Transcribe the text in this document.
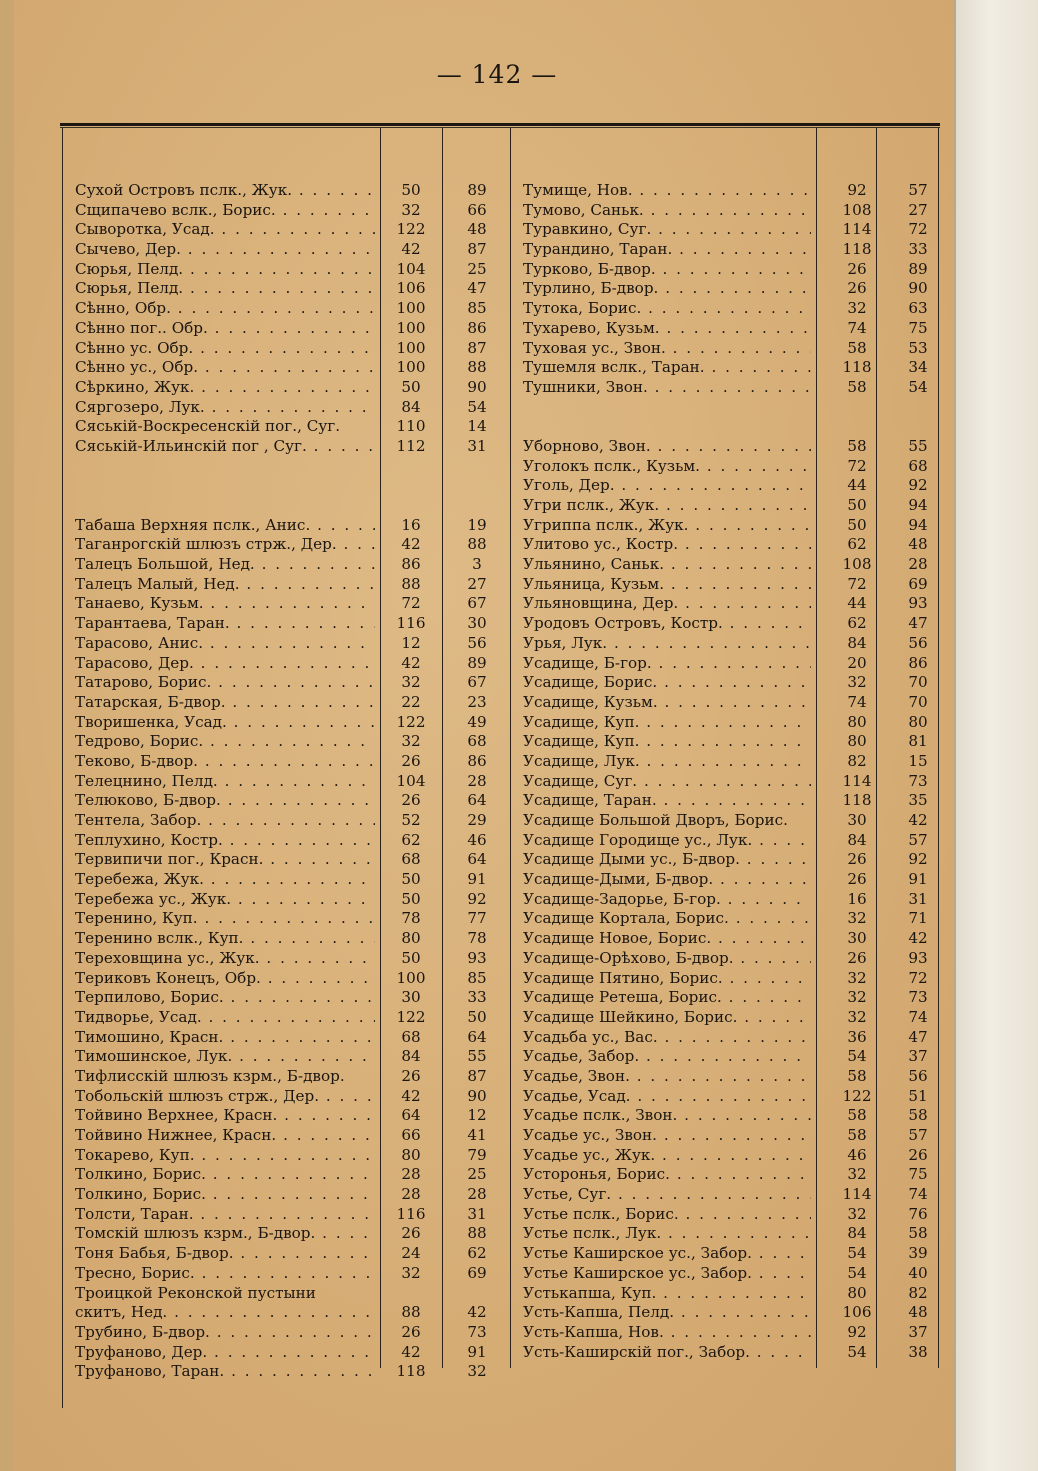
— 142 —
Сухой Островъ пслк., Жук. . . .	50	89
Сщипачево вслк., Борис. . . .	32	66
Сыворотка, Усад. . . .	122	48
Сычево, Дер. . . .	42	87
Сюрья, Пелд. . . .	104	25
Сюрья, Пелд. . . .	106	47
Сѣнно, Обр. . . .	100	85
Сѣнно пог.. Обр. . . .	100	86
Сѣнно ус. Обр. . . .	100	87
Сѣнно ус., Обр. . . .	100	88
Сѣркино, Жук. . . .	50	90
Сяргозеро, Лук. . . .	84	54
Сяській-Воскресенскій пог., Суг.	110	14
Сяській-Ильинскій пог , Суг. . . .	112	31
Табаша Верхняя пслк., Анис. . . .	16	19
Таганрогскій шлюзъ стрж., Дер. . . .	42	88
Талецъ Большой, Нед. . . .	86	3
Талецъ Малый, Нед. . . .	88	27
Танаево, Кузьм. . . .	72	67
Тарантаева, Таран. . . .	116	30
Тарасово, Анис. . . .	12	56
Тарасово, Дер. . . .	42	89
Татарово, Борис. . . .	32	67
Татарская, Б-двор. . . .	22	23
Творишенка, Усад. . . .	122	49
Тедрово, Борис. . . .	32	68
Теково, Б-двор. . . .	26	86
Телецнино, Пелд. . . .	104	28
Телюково, Б-двор. . . .	26	64
Тентела, Забор. . . .	52	29
Теплухино, Костр. . . .	62	46
Тервипичи пог., Красн. . . .	68	64
Теребежа, Жук. . . .	50	91
Теребежа ус., Жук. . . .	50	92
Теренино, Куп. . . .	78	77
Теренино вслк., Куп. . . .	80	78
Тереховщина ус., Жук. . . .	50	93
Териковъ Конецъ, Обр. . . .	100	85
Терпилово, Борис. . . .	30	33
Тидворье, Усад. . . .	122	50
Тимошино, Красн. . . .	68	64
Тимошинское, Лук. . . .	84	55
Тифлисскій шлюзъ кзрм., Б-двор.	26	87
Тобольскій шлюзъ стрж., Дер. . . .	42	90
Тойвино Верхнее, Красн. . . .	64	12
Тойвино Нижнее, Красн. . . .	66	41
Токарево, Куп. . . .	80	79
Толкино, Борис. . . .	28	25
Толкино, Борис. . . .	28	28
Толсти, Таран. . . .	116	31
Томскій шлюзъ кзрм., Б-двор. . . .	26	88
Тоня Бабья, Б-двор. . . .	24	62
Тресно, Борис. . . .	32	69
Троицкой Реконской пустыни
скитъ, Нед. . . .	88	42
Трубино, Б-двор. . . .	26	73
Труфаново, Дер. . . .	42	91
Труфаново, Таран. . . .	118	32
Тумище, Нов. . . .	92	57
Тумово, Саньк. . . .	108	27
Туравкино, Суг. . . .	114	72
Турандино, Таран. . . .	118	33
Турково, Б-двор. . . .	26	89
Турлино, Б-двор. . . .	26	90
Тутока, Борис. . . .	32	63
Тухарево, Кузьм. . . .	74	75
Туховая ус., Звон. . . .	58	53
Тушемля вслк., Таран. . . .	118	34
Тушники, Звон. . . .	58	54
Уборново, Звон. . . .	58	55
Уголокъ пслк., Кузьм. . . .	72	68
Уголь, Дер. . . .	44	92
Угри пслк., Жук. . . .	50	94
Угриппа пслк., Жук. . . .	50	94
Улитово ус., Костр. . . .	62	48
Ульянино, Саньк. . . .	108	28
Ульяница, Кузьм. . . .	72	69
Ульяновщина, Дер. . . .	44	93
Уродовъ Островъ, Костр. . . .	62	47
Урья, Лук. . . .	84	56
Усадище, Б-гор. . . .	20	86
Усадище, Борис. . . .	32	70
Усадище, Кузьм. . . .	74	70
Усадище, Куп. . . .	80	80
Усадище, Куп. . . .	80	81
Усадище, Лук. . . .	82	15
Усадище, Суг. . . .	114	73
Усадище, Таран. . . .	118	35
Усадище Большой Дворъ, Борис.	30	42
Усадище Городище ус., Лук. . . .	84	57
Усадище Дыми ус., Б-двор. . . .	26	92
Усадище-Дыми, Б-двор. . . .	26	91
Усадище-Задорье, Б-гор. . . .	16	31
Усадище Кортала, Борис. . . .	32	71
Усадище Новое, Борис. . . .	30	42
Усадище-Орѣхово, Б-двор. . . .	26	93
Усадище Пятино, Борис. . . .	32	72
Усадище Ретеша, Борис. . . .	32	73
Усадище Шейкино, Борис. . . .	32	74
Усадьба ус., Вас. . . .	36	47
Усадье, Забор. . . .	54	37
Усадье, Звон. . . .	58	56
Усадье, Усад. . . .	122	51
Усадье пслк., Звон. . . .	58	58
Усадье ус., Звон. . . .	58	57
Усадье ус., Жук. . . .	46	26
Усторонья, Борис. . . .	32	75
Устье, Суг. . . .	114	74
Устье пслк., Борис. . . .	32	76
Устье пслк., Лук. . . .	84	58
Устье Каширское ус., Забор. . . .	54	39
Устье Каширское ус., Забор. . . .	54	40
Устькапша, Куп. . . .	80	82
Усть-Капша, Пелд. . . .	106	48
Усть-Капша, Нов. . . .	92	37
Усть-Каширскій пог., Забор. . . .	54	38
